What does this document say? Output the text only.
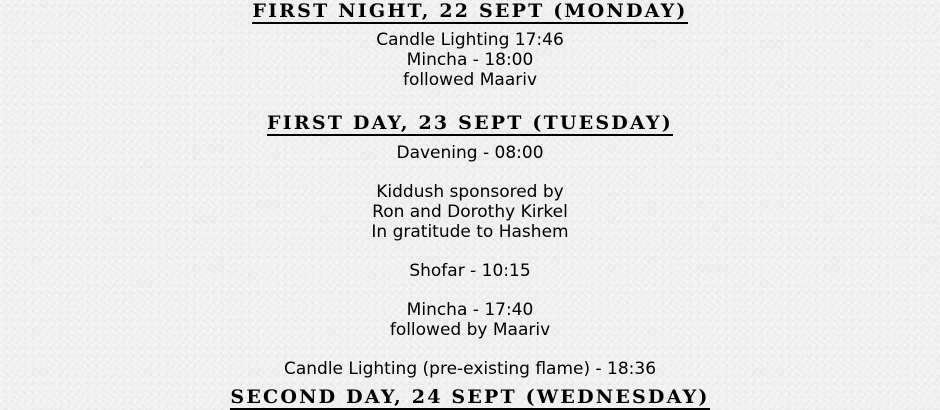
FIRST NIGHT, 22 SEPT (MONDAY)
Candle Lighting 17:46
Mincha - 18:00
followed Maariv
FIRST DAY, 23 SEPT (TUESDAY)
Davening - 08:00
Kiddush sponsored by
Ron and Dorothy Kirkel
In gratitude to Hashem
Shofar - 10:15
Mincha - 17:40
followed by Maariv
Candle Lighting (pre-existing flame) - 18:36
SECOND DAY, 24 SEPT (WEDNESDAY)
